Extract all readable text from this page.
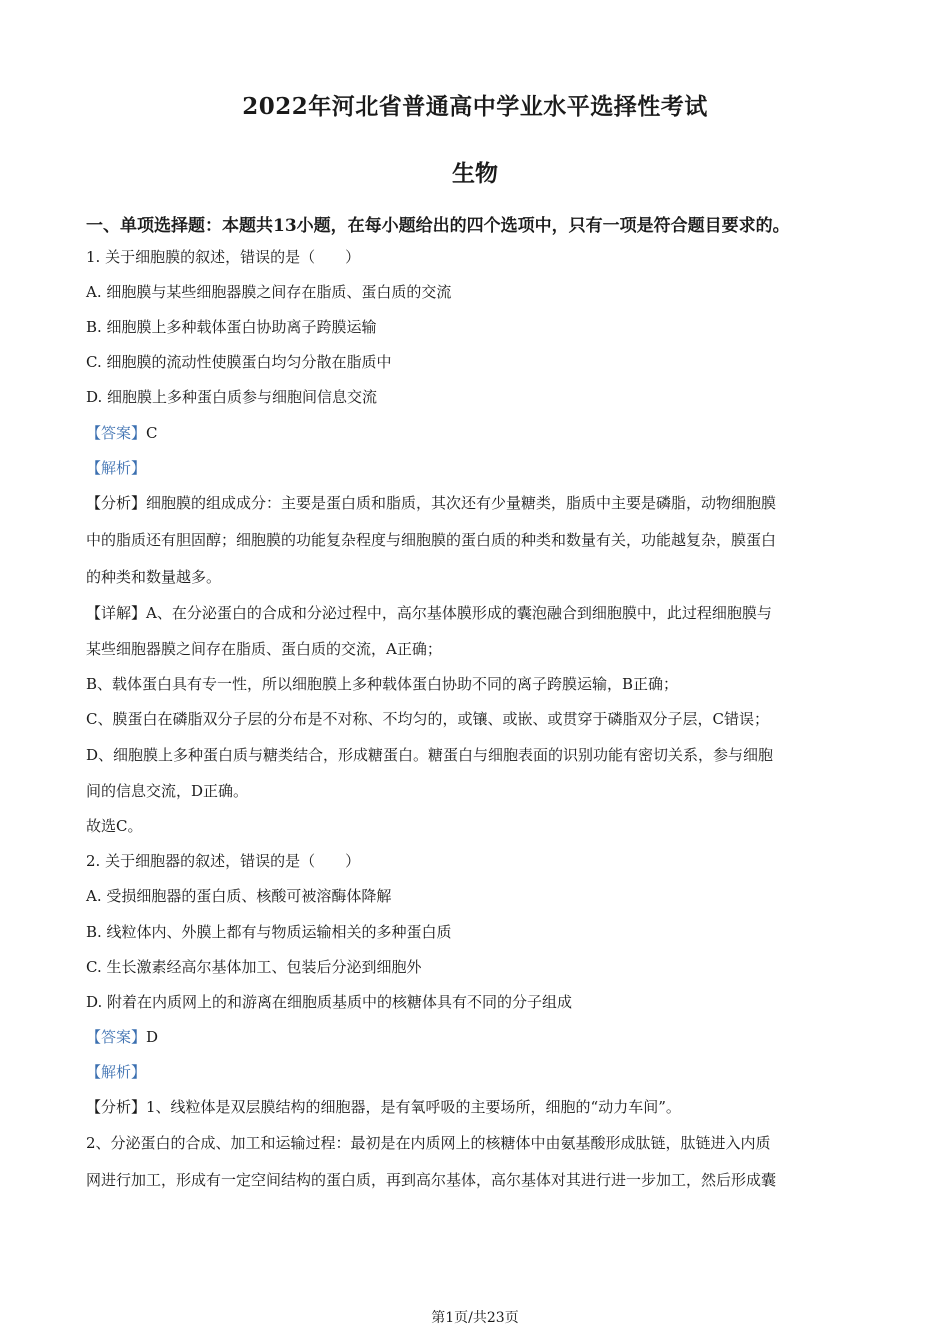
2022年河北省普通高中学业水平选择性考试
生物
一、单项选择题：本题共13小题，在每小题给出的四个选项中，只有一项是符合题目要求的。
1. 关于细胞膜的叙述，错误的是（　　）
A. 细胞膜与某些细胞器膜之间存在脂质、蛋白质的交流
B. 细胞膜上多种载体蛋白协助离子跨膜运输
C. 细胞膜的流动性使膜蛋白均匀分散在脂质中
D. 细胞膜上多种蛋白质参与细胞间信息交流
【答案】C
【解析】
【分析】细胞膜的组成成分：主要是蛋白质和脂质，其次还有少量糖类，脂质中主要是磷脂，动物细胞膜
中的脂质还有胆固醇；细胞膜的功能复杂程度与细胞膜的蛋白质的种类和数量有关，功能越复杂，膜蛋白
的种类和数量越多。
【详解】A、在分泌蛋白的合成和分泌过程中，高尔基体膜形成的囊泡融合到细胞膜中，此过程细胞膜与
某些细胞器膜之间存在脂质、蛋白质的交流，A正确；
B、载体蛋白具有专一性，所以细胞膜上多种载体蛋白协助不同的离子跨膜运输，B正确；
C、膜蛋白在磷脂双分子层的分布是不对称、不均匀的，或镶、或嵌、或贯穿于磷脂双分子层，C错误；
D、细胞膜上多种蛋白质与糖类结合，形成糖蛋白。糖蛋白与细胞表面的识别功能有密切关系，参与细胞
间的信息交流，D正确。
故选C。
2. 关于细胞器的叙述，错误的是（　　）
A. 受损细胞器的蛋白质、核酸可被溶酶体降解
B. 线粒体内、外膜上都有与物质运输相关的多种蛋白质
C. 生长激素经高尔基体加工、包装后分泌到细胞外
D. 附着在内质网上的和游离在细胞质基质中的核糖体具有不同的分子组成
【答案】D
【解析】
【分析】1、线粒体是双层膜结构的细胞器，是有氧呼吸的主要场所，细胞的“动力车间”。
2、分泌蛋白的合成、加工和运输过程：最初是在内质网上的核糖体中由氨基酸形成肽链，肽链进入内质
网进行加工，形成有一定空间结构的蛋白质，再到高尔基体，高尔基体对其进行进一步加工，然后形成囊
第1页/共23页
